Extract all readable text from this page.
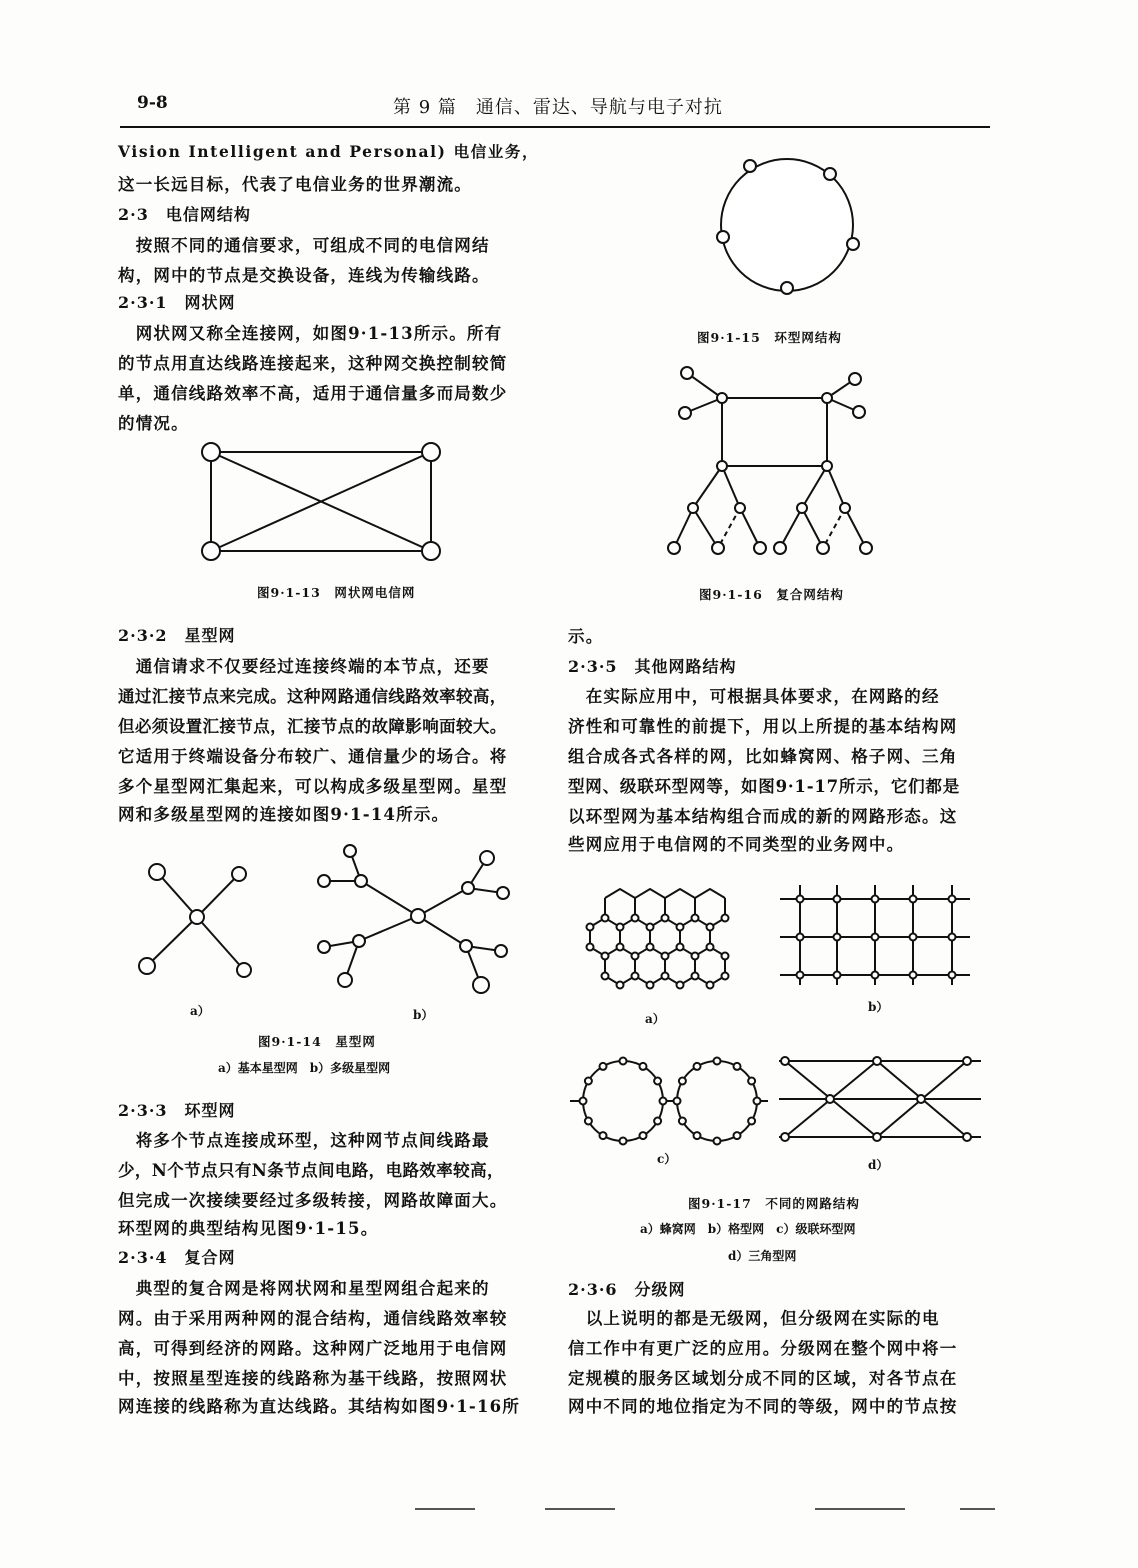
9-8	第 9 篇　通信、雷达、导航与电子对抗
Vision Intelligent and Personal) 电信业务，
这一长远目标，代表了电信业务的世界潮流。
2·3　电信网结构
　按照不同的通信要求，可组成不同的电信网结
构，网中的节点是交换设备，连线为传输线路。
2·3·1　网状网
　网状网又称全连接网，如图9·1-13所示。所有
的节点用直达线路连接起来，这种网交换控制较简
单，通信线路效率不高，适用于通信量多而局数少
的情况。
图9·1-13　网状网电信网
2·3·2　星型网
　通信请求不仅要经过连接终端的本节点，还要
通过汇接节点来完成。这种网路通信线路效率较高，
但必须设置汇接节点，汇接节点的故障影响面较大。
它适用于终端设备分布较广、通信量少的场合。将
多个星型网汇集起来，可以构成多级星型网。星型
网和多级星型网的连接如图9·1-14所示。
a）	b）
图9·1-14　星型网
a）基本星型网　b）多级星型网
2·3·3　环型网
　将多个节点连接成环型，这种网节点间线路最
少，N个节点只有N条节点间电路，电路效率较高，
但完成一次接续要经过多级转接，网路故障面大。
环型网的典型结构见图9·1-15。
2·3·4　复合网
　典型的复合网是将网状网和星型网组合起来的
网。由于采用两种网的混合结构，通信线路效率较
高，可得到经济的网路。这种网广泛地用于电信网
中，按照星型连接的线路称为基干线路，按照网状
网连接的线路称为直达线路。其结构如图9·1-16所
图9·1-15　环型网结构
图9·1-16　复合网结构
示。
2·3·5　其他网路结构
　在实际应用中，可根据具体要求，在网路的经
济性和可靠性的前提下，用以上所提的基本结构网
组合成各式各样的网，比如蜂窝网、格子网、三角
型网、级联环型网等，如图9·1-17所示，它们都是
以环型网为基本结构组合而成的新的网路形态。这
些网应用于电信网的不同类型的业务网中。
a）
b）
c）	d）
图9·1-17　不同的网路结构
a）蜂窝网　b）格型网　c）级联环型网
d）三角型网
2·3·6　分级网
　以上说明的都是无级网，但分级网在实际的电
信工作中有更广泛的应用。分级网在整个网中将一
定规模的服务区域划分成不同的区域，对各节点在
网中不同的地位指定为不同的等级，网中的节点按
